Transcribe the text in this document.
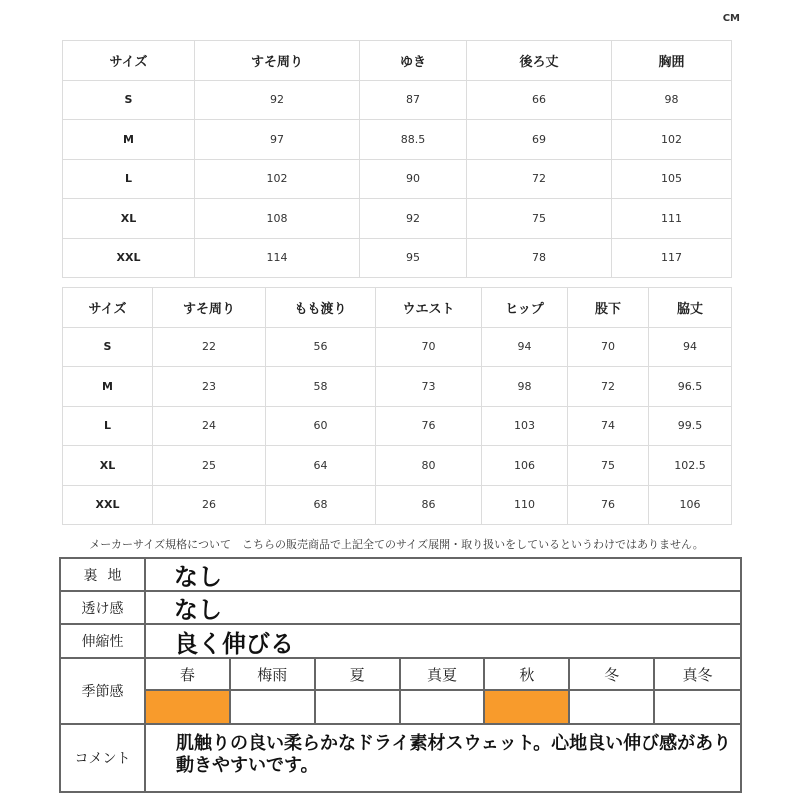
CM
サイズ	すそ周り	ゆき	後ろ丈	胸囲
S	92	87	66	98
M	97	88.5	69	102
L	102	90	72	105
XL	108	92	75	111
XXL	114	95	78	117
サイズ	すそ周り	もも渡り	ウエスト	ヒップ	股下	脇丈
S	22	56	70	94	70	94
M	23	58	73	98	72	96.5
L	24	60	76	103	74	99.5
XL	25	64	80	106	75	102.5
XXL	26	68	86	110	76	106
メーカーサイズ規格について　こちらの販売商品で上記全てのサイズ展開・取り扱いをしているというわけではありません。
裏地	なし
透け感	なし
伸縮性	良く伸びる
季節感
春	梅雨	夏	真夏	秋	冬	真冬
コメント
肌触りの良い柔らかなドライ素材スウェット。心地良い伸び感があり動きやすいです。
